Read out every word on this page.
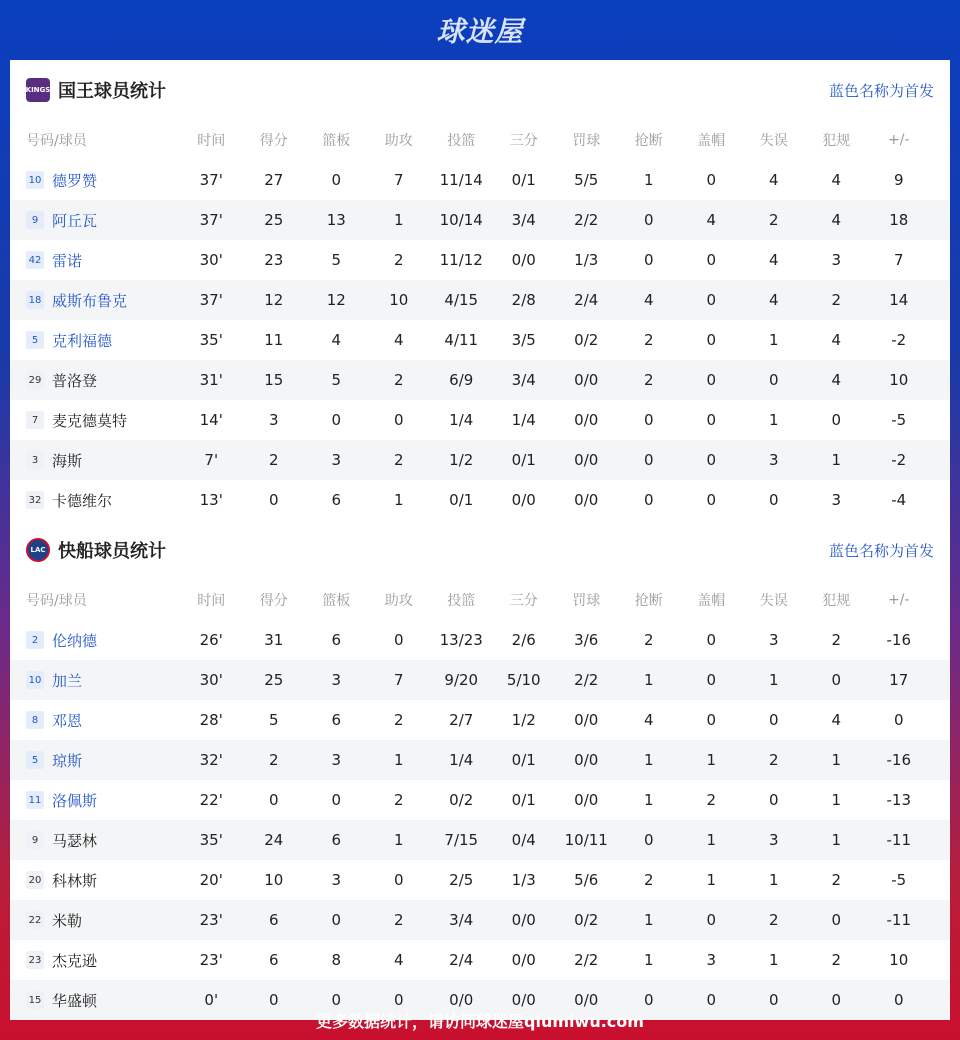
球迷屋
KINGS 国王球员统计	蓝色名称为首发
号码/球员	时间	得分	篮板	助攻	投篮	三分	罚球	抢断	盖帽	失误	犯规	+/-
10 德罗赞	37'	27	0	7	11/14	0/1	5/5	1	0	4	4	9
9 阿丘瓦	37'	25	13	1	10/14	3/4	2/2	0	4	2	4	18
42 雷诺	30'	23	5	2	11/12	0/0	1/3	0	0	4	3	7
18 威斯布鲁克	37'	12	12	10	4/15	2/8	2/4	4	0	4	2	14
5 克利福德	35'	11	4	4	4/11	3/5	0/2	2	0	1	4	-2
29 普洛登	31'	15	5	2	6/9	3/4	0/0	2	0	0	4	10
7 麦克德莫特	14'	3	0	0	1/4	1/4	0/0	0	0	1	0	-5
3 海斯	7'	2	3	2	1/2	0/1	0/0	0	0	3	1	-2
32 卡德维尔	13'	0	6	1	0/1	0/0	0/0	0	0	0	3	-4
LAC 快船球员统计	蓝色名称为首发
号码/球员	时间	得分	篮板	助攻	投篮	三分	罚球	抢断	盖帽	失误	犯规	+/-
2 伦纳德	26'	31	6	0	13/23	2/6	3/6	2	0	3	2	-16
10 加兰	30'	25	3	7	9/20	5/10	2/2	1	0	1	0	17
8 邓恩	28'	5	6	2	2/7	1/2	0/0	4	0	0	4	0
5 琼斯	32'	2	3	1	1/4	0/1	0/0	1	1	2	1	-16
11 洛佩斯	22'	0	0	2	0/2	0/1	0/0	1	2	0	1	-13
9 马瑟林	35'	24	6	1	7/15	0/4	10/11	0	1	3	1	-11
20 科林斯	20'	10	3	0	2/5	1/3	5/6	2	1	1	2	-5
22 米勒	23'	6	0	2	3/4	0/0	0/2	1	0	2	0	-11
23 杰克逊	23'	6	8	4	2/4	0/0	2/2	1	3	1	2	10
15 华盛顿	0'	0	0	0	0/0	0/0	0/0	0	0	0	0	0
更多数据统计，请访问球迷屋qiumiwu.com
